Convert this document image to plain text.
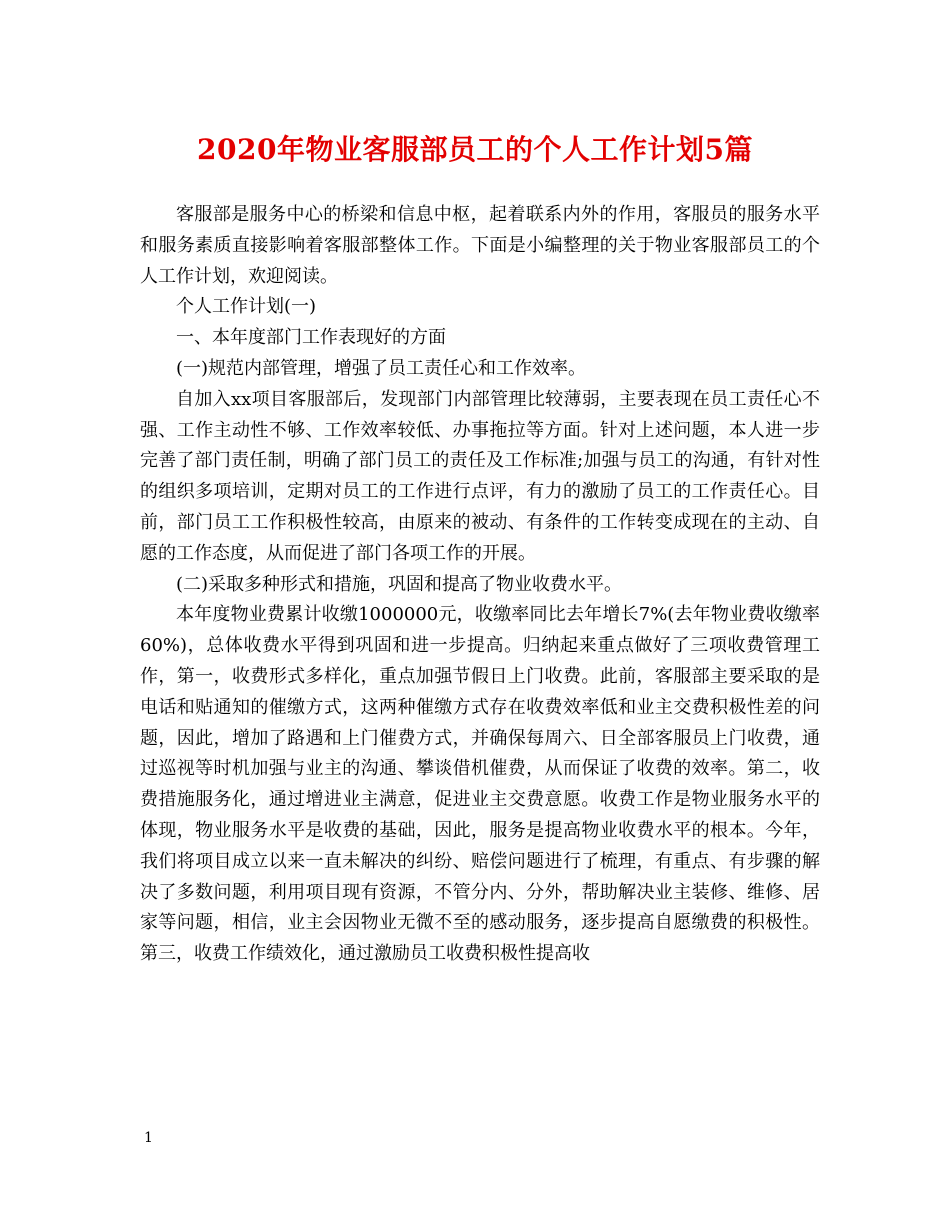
2020年物业客服部员工的个人工作计划5篇

客服部是服务中心的桥梁和信息中枢，起着联系内外的作用，客服员的服务水平和服务素质直接影响着客服部整体工作。下面是小编整理的关于物业客服部员工的个人工作计划，欢迎阅读。

个人工作计划(一)

一、本年度部门工作表现好的方面

(一)规范内部管理，增强了员工责任心和工作效率。

自加入xx项目客服部后，发现部门内部管理比较薄弱，主要表现在员工责任心不强、工作主动性不够、工作效率较低、办事拖拉等方面。针对上述问题，本人进一步完善了部门责任制，明确了部门员工的责任及工作标准;加强与员工的沟通，有针对性的组织多项培训，定期对员工的工作进行点评，有力的激励了员工的工作责任心。目前，部门员工工作积极性较高，由原来的被动、有条件的工作转变成现在的主动、自愿的工作态度，从而促进了部门各项工作的开展。

(二)采取多种形式和措施，巩固和提高了物业收费水平。

本年度物业费累计收缴1000000元，收缴率同比去年增长7%(去年物业费收缴率60%)，总体收费水平得到巩固和进一步提高。归纳起来重点做好了三项收费管理工作，第一，收费形式多样化，重点加强节假日上门收费。此前，客服部主要采取的是电话和贴通知的催缴方式，这两种催缴方式存在收费效率低和业主交费积极性差的问题，因此，增加了路遇和上门催费方式，并确保每周六、日全部客服员上门收费，通过巡视等时机加强与业主的沟通、攀谈借机催费，从而保证了收费的效率。第二，收费措施服务化，通过增进业主满意，促进业主交费意愿。收费工作是物业服务水平的体现，物业服务水平是收费的基础，因此，服务是提高物业收费水平的根本。今年，我们将项目成立以来一直未解决的纠纷、赔偿问题进行了梳理，有重点、有步骤的解决了多数问题，利用项目现有资源，不管分内、分外，帮助解决业主装修、维修、居家等问题，相信，业主会因物业无微不至的感动服务，逐步提高自愿缴费的积极性。第三，收费工作绩效化，通过激励员工收费积极性提高收

1
